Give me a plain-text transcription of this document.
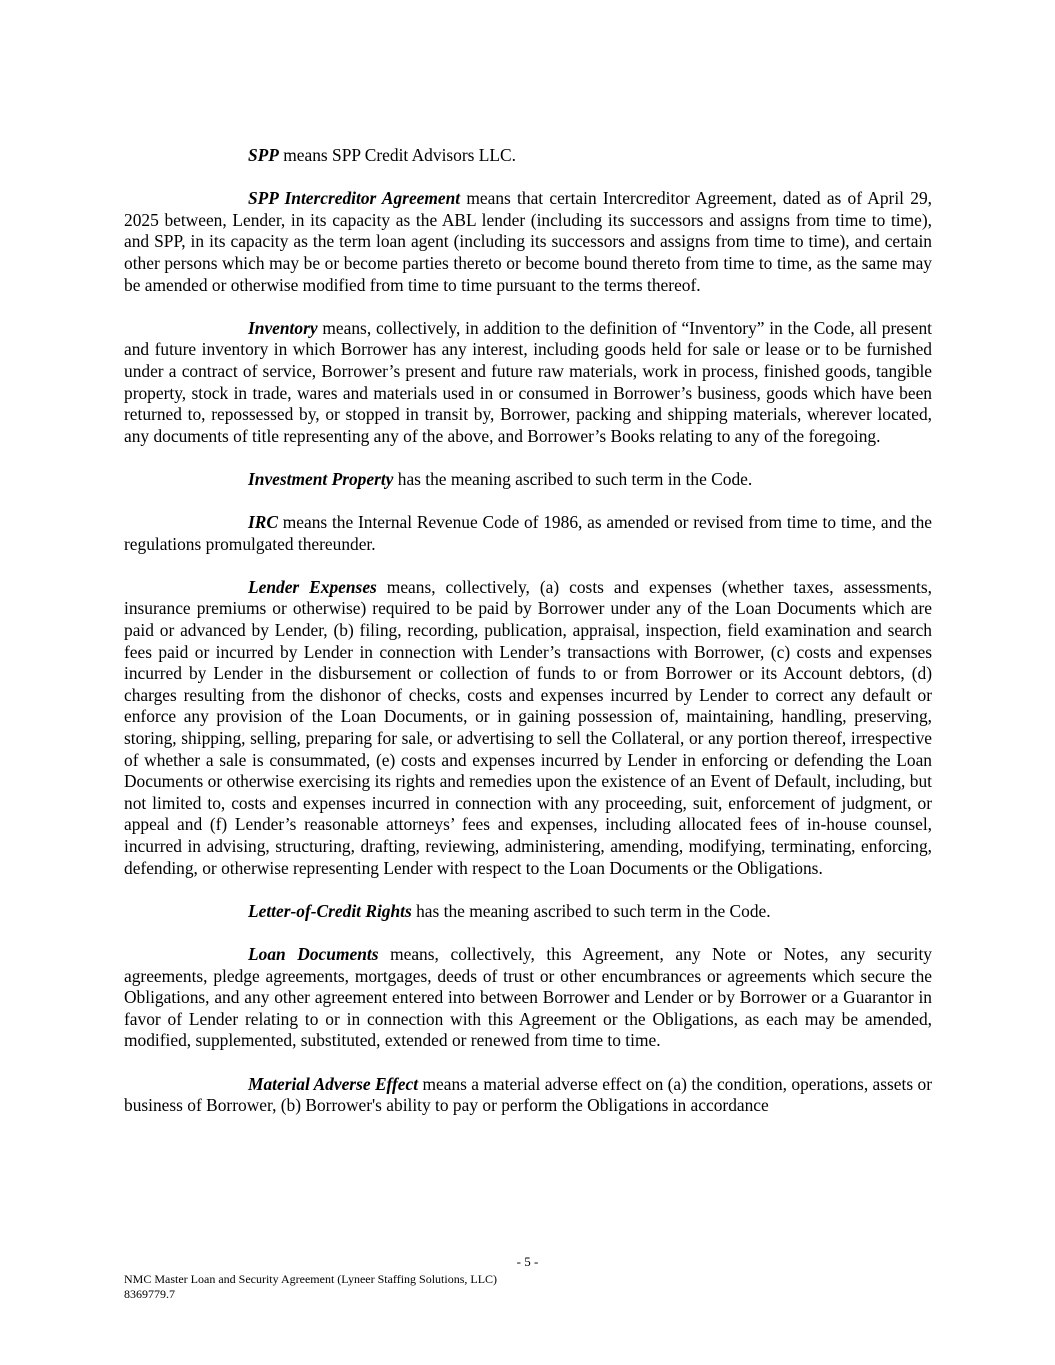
SPP means SPP Credit Advisors LLC.

SPP Intercreditor Agreement means that certain Intercreditor Agreement, dated as of April 29, 2025 between, Lender, in its capacity as the ABL lender (including its successors and assigns from time to time), and SPP, in its capacity as the term loan agent (including its successors and assigns from time to time), and certain other persons which may be or become parties thereto or become bound thereto from time to time, as the same may be amended or otherwise modified from time to time pursuant to the terms thereof.

Inventory means, collectively, in addition to the definition of “Inventory” in the Code, all present and future inventory in which Borrower has any interest, including goods held for sale or lease or to be furnished under a contract of service, Borrower’s present and future raw materials, work in process, finished goods, tangible property, stock in trade, wares and materials used in or consumed in Borrower’s business, goods which have been returned to, repossessed by, or stopped in transit by, Borrower, packing and shipping materials, wherever located, any documents of title representing any of the above, and Borrower’s Books relating to any of the foregoing.

Investment Property has the meaning ascribed to such term in the Code.

IRC means the Internal Revenue Code of 1986, as amended or revised from time to time, and the regulations promulgated thereunder.

Lender Expenses means, collectively, (a) costs and expenses (whether taxes, assessments, insurance premiums or otherwise) required to be paid by Borrower under any of the Loan Documents which are paid or advanced by Lender, (b) filing, recording, publication, appraisal, inspection, field examination and search fees paid or incurred by Lender in connection with Lender’s transactions with Borrower, (c) costs and expenses incurred by Lender in the disbursement or collection of funds to or from Borrower or its Account debtors, (d) charges resulting from the dishonor of checks, costs and expenses incurred by Lender to correct any default or enforce any provision of the Loan Documents, or in gaining possession of, maintaining, handling, preserving, storing, shipping, selling, preparing for sale, or advertising to sell the Collateral, or any portion thereof, irrespective of whether a sale is consummated, (e) costs and expenses incurred by Lender in enforcing or defending the Loan Documents or otherwise exercising its rights and remedies upon the existence of an Event of Default, including, but not limited to, costs and expenses incurred in connection with any proceeding, suit, enforcement of judgment, or appeal and (f) Lender’s reasonable attorneys’ fees and expenses, including allocated fees of in-house counsel, incurred in advising, structuring, drafting, reviewing, administering, amending, modifying, terminating, enforcing, defending, or otherwise representing Lender with respect to the Loan Documents or the Obligations.

Letter-of-Credit Rights has the meaning ascribed to such term in the Code.

Loan Documents means, collectively, this Agreement, any Note or Notes, any security agreements, pledge agreements, mortgages, deeds of trust or other encumbrances or agreements which secure the Obligations, and any other agreement entered into between Borrower and Lender or by Borrower or a Guarantor in favor of Lender relating to or in connection with this Agreement or the Obligations, as each may be amended, modified, supplemented, substituted, extended or renewed from time to time.

Material Adverse Effect means a material adverse effect on (a) the condition, operations, assets or business of Borrower, (b) Borrower's ability to pay or perform the Obligations in accordance

- 5 -
NMC Master Loan and Security Agreement (Lyneer Staffing Solutions, LLC)
8369779.7
